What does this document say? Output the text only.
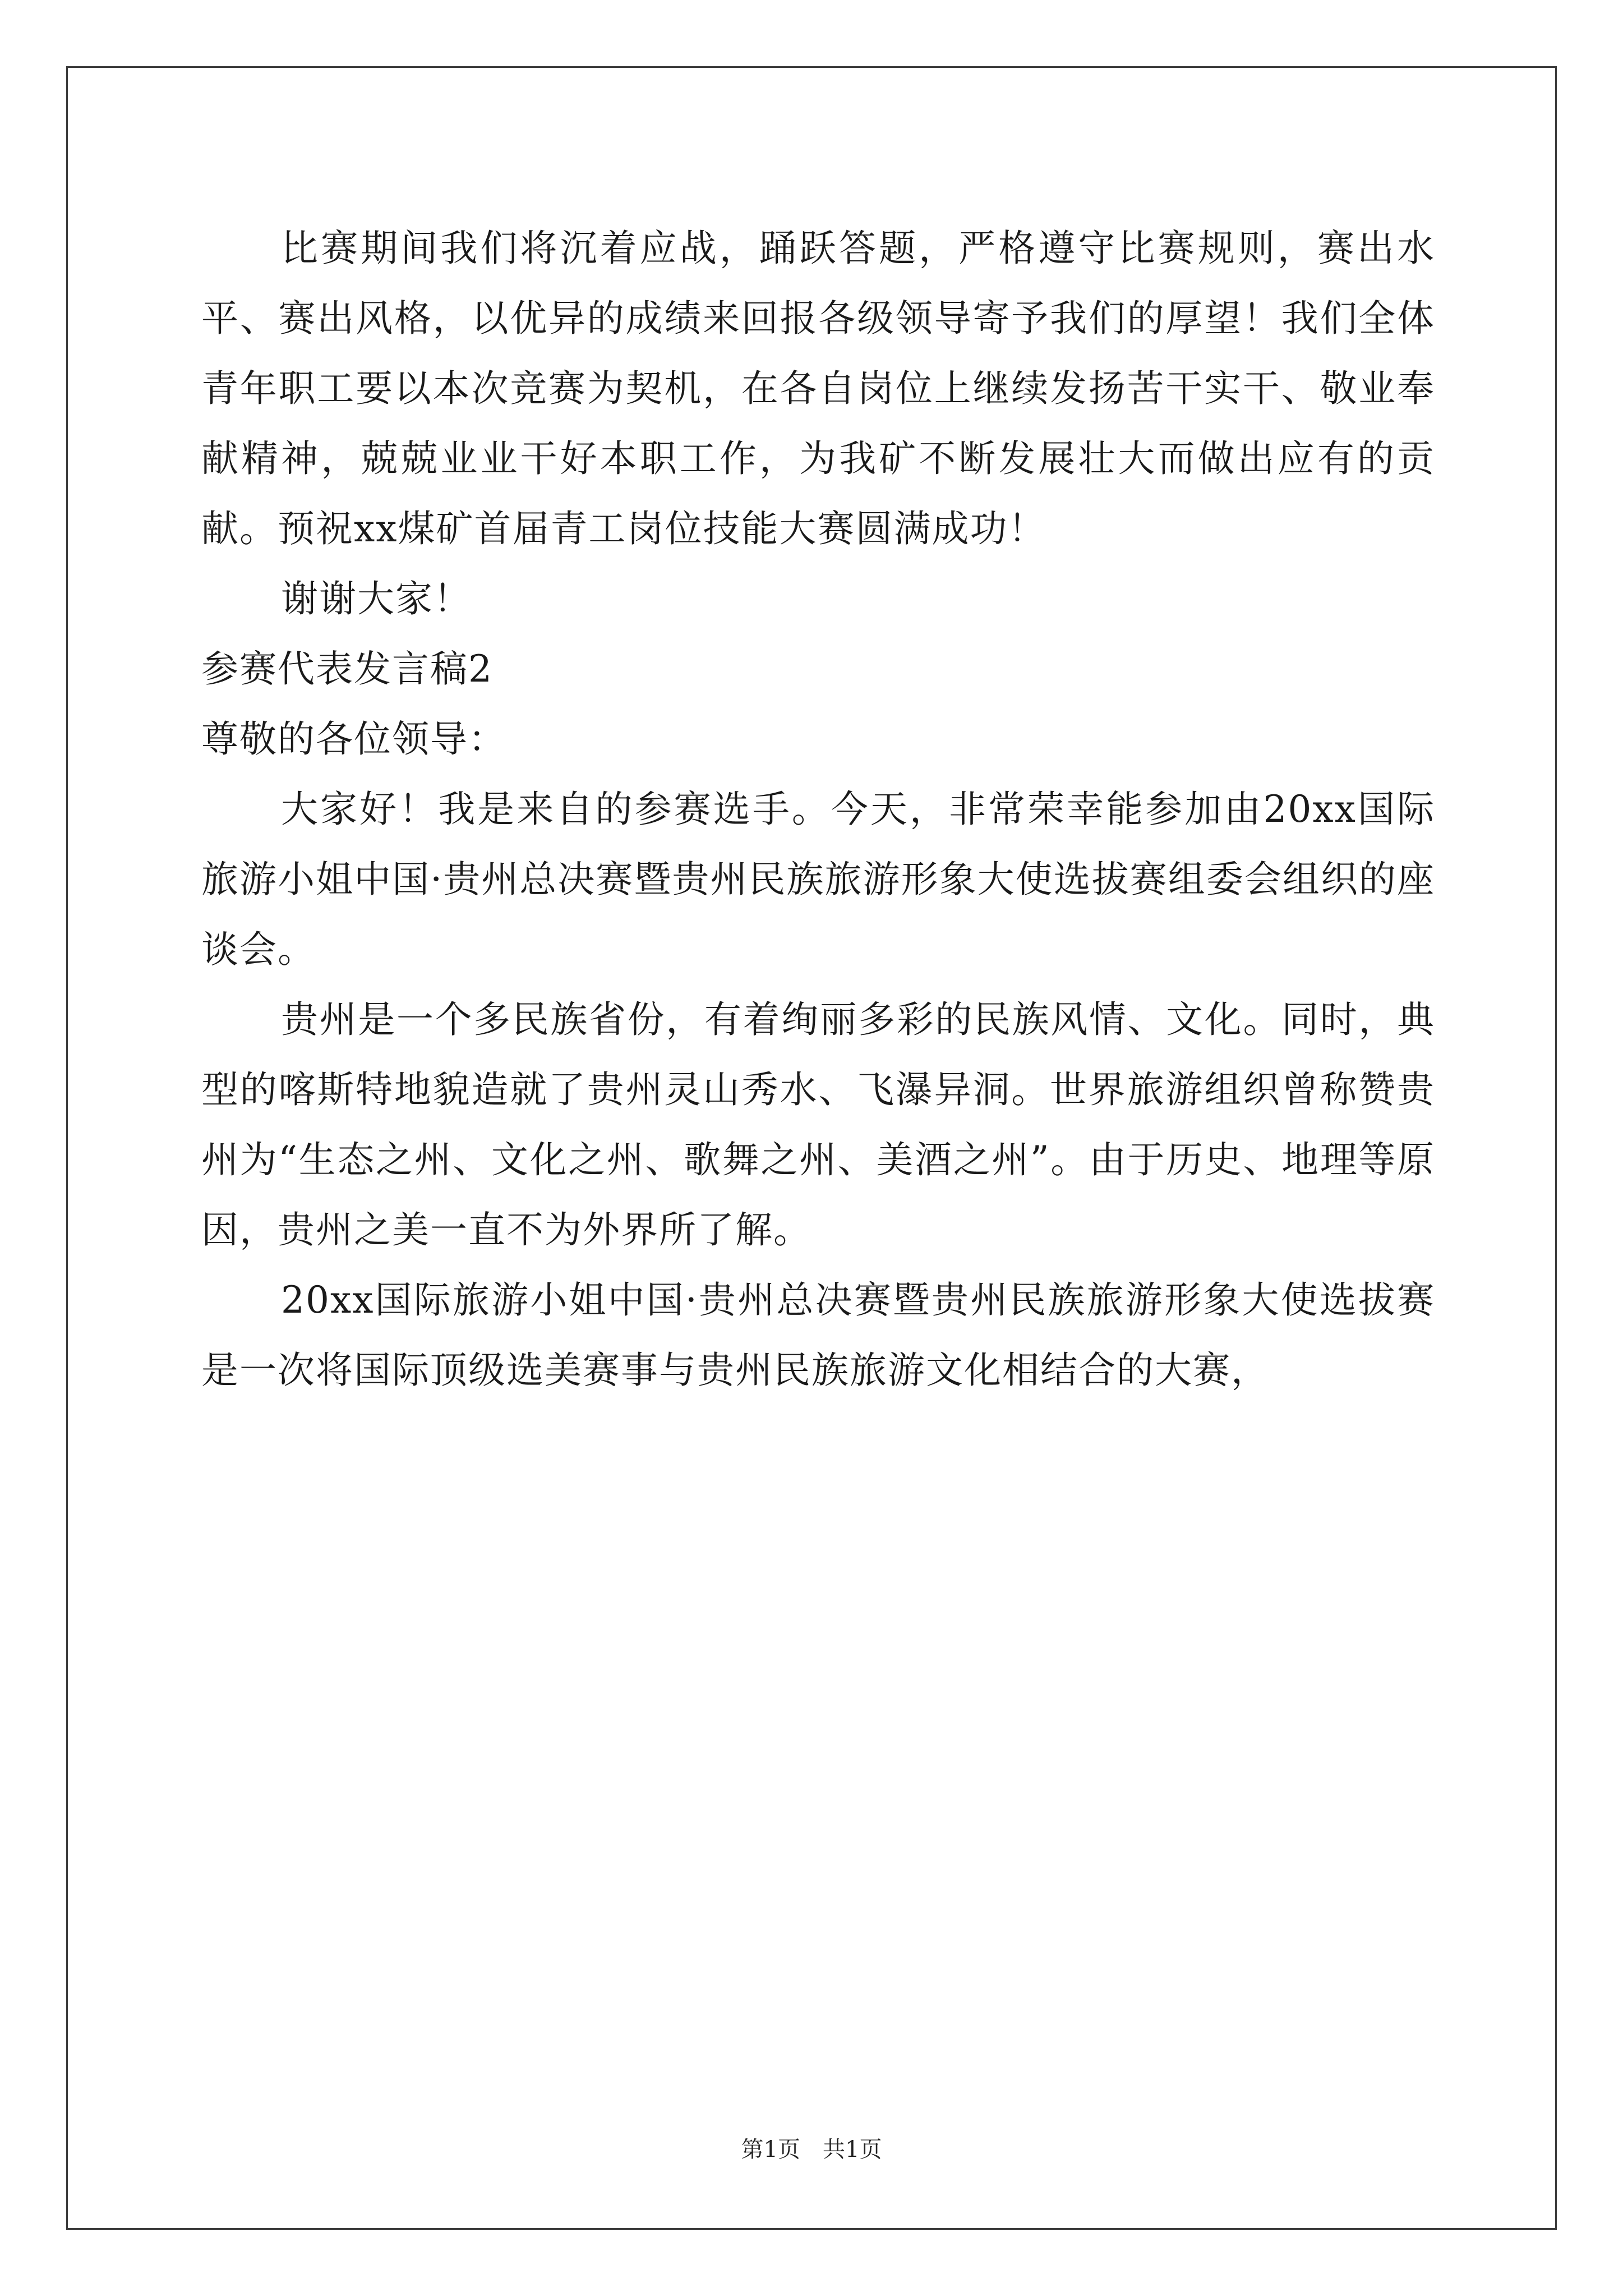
比赛期间我们将沉着应战，踊跃答题，严格遵守比赛规则，赛出水平、赛出风格，以优异的成绩来回报各级领导寄予我们的厚望！我们全体青年职工要以本次竞赛为契机，在各自岗位上继续发扬苦干实干、敬业奉献精神，兢兢业业干好本职工作，为我矿不断发展壮大而做出应有的贡献。预祝xx煤矿首届青工岗位技能大赛圆满成功！

谢谢大家！

参赛代表发言稿2

尊敬的各位领导：

大家好！我是来自的参赛选手。今天，非常荣幸能参加由20xx国际旅游小姐中国·贵州总决赛暨贵州民族旅游形象大使选拔赛组委会组织的座谈会。

贵州是一个多民族省份，有着绚丽多彩的民族风情、文化。同时，典型的喀斯特地貌造就了贵州灵山秀水、飞瀑异洞。世界旅游组织曾称赞贵州为“生态之州、文化之州、歌舞之州、美酒之州”。由于历史、地理等原因，贵州之美一直不为外界所了解。

20xx国际旅游小姐中国·贵州总决赛暨贵州民族旅游形象大使选拔赛是一次将国际顶级选美赛事与贵州民族旅游文化相结合的大赛，

第1页　共1页
